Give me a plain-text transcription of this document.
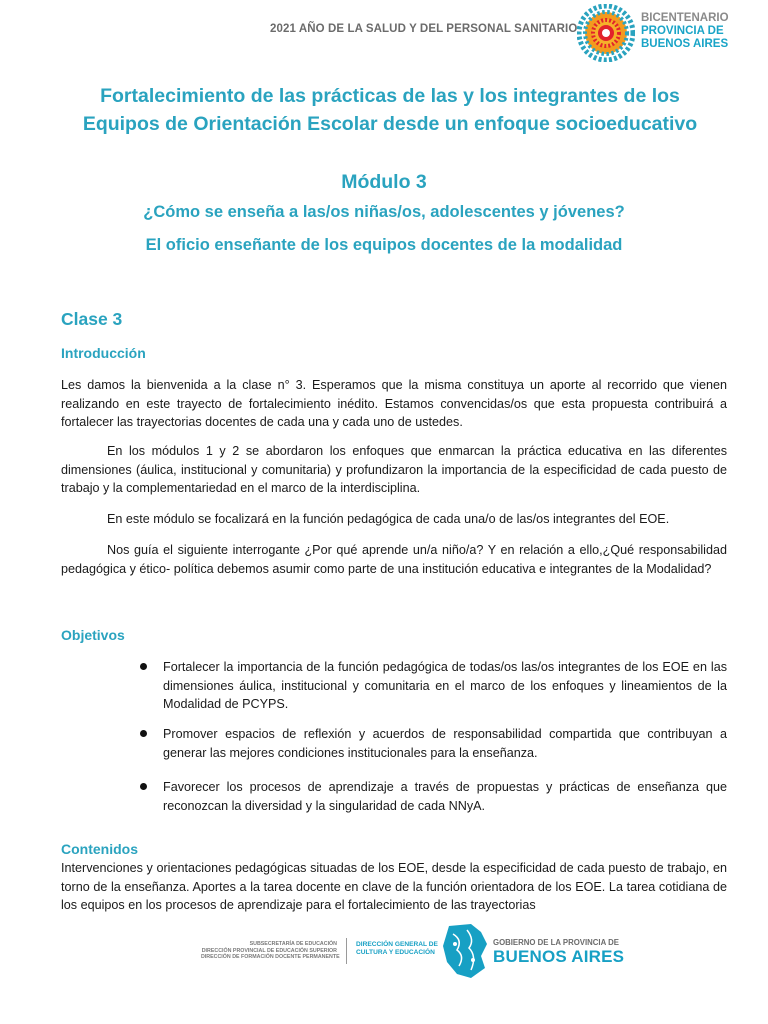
2021 AÑO DE LA SALUD Y DEL PERSONAL SANITARIO
BICENTENARIO
PROVINCIA DE
BUENOS AIRES
Fortalecimiento de las prácticas de las y los integrantes de los
Equipos de Orientación Escolar desde un enfoque socioeducativo
Módulo 3
¿Cómo se enseña a las/os niñas/os, adolescentes y jóvenes?
El oficio enseñante de los equipos docentes de la modalidad
Clase 3
Introducción
Les damos la bienvenida a la clase n° 3. Esperamos que la misma constituya un aporte al recorrido que vienen realizando en este trayecto de fortalecimiento inédito. Estamos convencidas/os que esta propuesta contribuirá a fortalecer las trayectorias docentes de cada una y cada uno de ustedes.
En los módulos 1 y 2 se abordaron los enfoques que enmarcan la práctica educativa en las diferentes dimensiones (áulica, institucional y comunitaria) y profundizaron la importancia de la especificidad de cada puesto de trabajo y la complementariedad en el marco de la interdisciplina.
En este módulo se focalizará en la función pedagógica de cada una/o de las/os integrantes del EOE.
Nos guía el siguiente interrogante ¿Por qué aprende un/a niño/a? Y en relación a ello,¿Qué responsabilidad pedagógica y ético- política debemos asumir como parte de una institución educativa e integrantes de la Modalidad?
Objetivos
Fortalecer la importancia de la función pedagógica de todas/os las/os integrantes de los EOE en las dimensiones áulica, institucional y comunitaria en el marco de los enfoques y lineamientos de la Modalidad de PCYPS.
Promover espacios de reflexión y acuerdos de responsabilidad compartida que contribuyan a generar las mejores condiciones institucionales para la enseñanza.
Favorecer los procesos de aprendizaje a través de propuestas y prácticas de enseñanza que reconozcan la diversidad y la singularidad de cada NNyA.
Contenidos
Intervenciones y orientaciones pedagógicas situadas de los EOE, desde la especificidad de cada puesto de trabajo, en torno de la enseñanza. Aportes a la tarea docente en clave de la función orientadora de los EOE. La tarea cotidiana de los equipos en los procesos de aprendizaje para el fortalecimiento de las trayectorias
SUBSECRETARÍA DE EDUCACIÓN
DIRECCIÓN PROVINCIAL DE EDUCACIÓN SUPERIOR
DIRECCIÓN DE FORMACIÓN DOCENTE PERMANENTE
DIRECCIÓN GENERAL DE
CULTURA Y EDUCACIÓN
GOBIERNO DE LA PROVINCIA DE
BUENOS AIRES
